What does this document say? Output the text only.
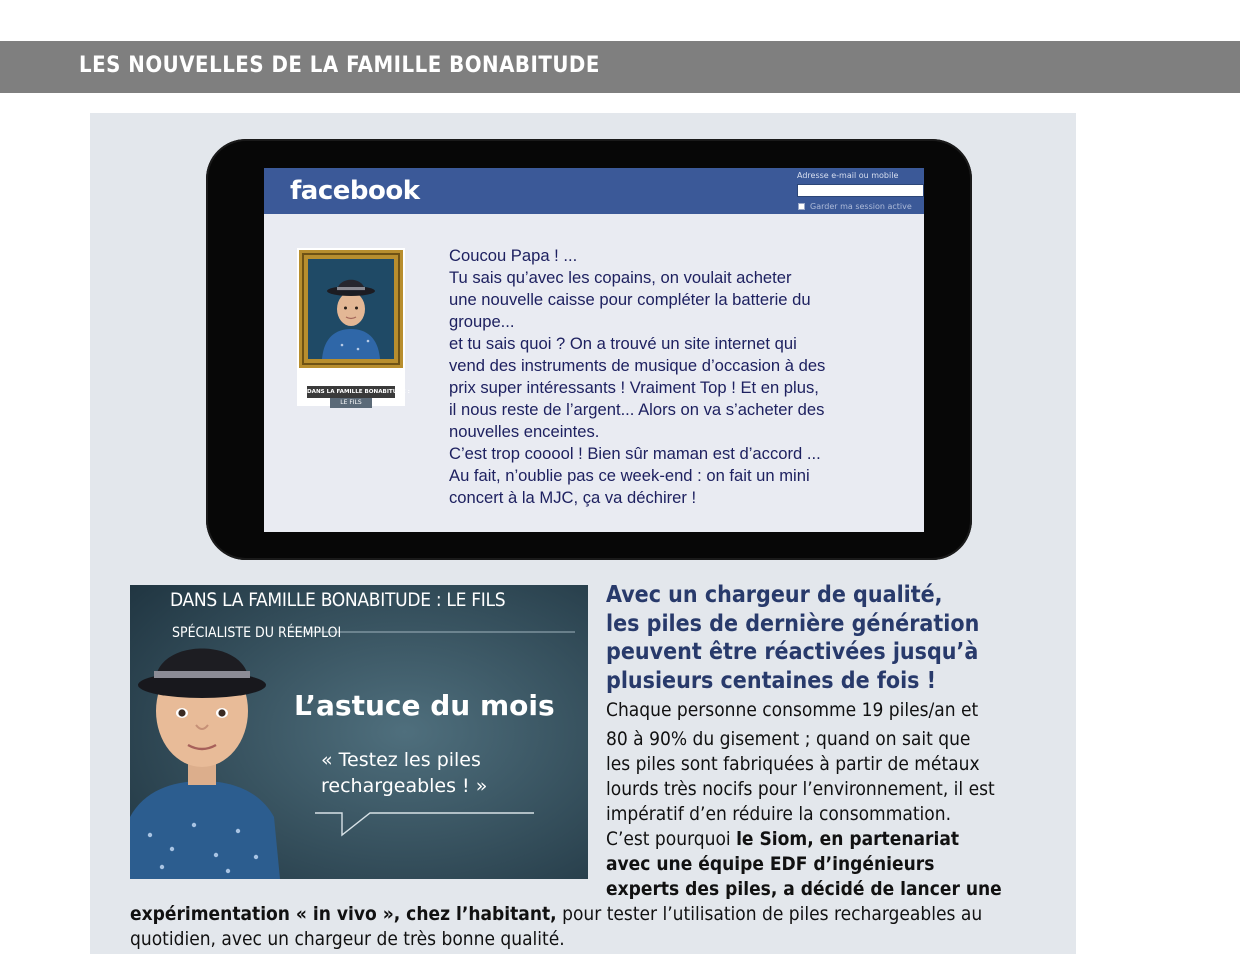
LES NOUVELLES DE LA FAMILLE BONABITUDE
facebook
Adresse e-mail ou mobile
Garder ma session active
DANS LA FAMILLE BONABITUDE :
LE FILS
Coucou Papa ! ...
Tu sais qu’avec les copains, on voulait acheter
une nouvelle caisse pour compléter la batterie du
groupe...
et tu sais quoi ? On a trouvé un site internet qui
vend des instruments de musique d’occasion à des
prix super intéressants ! Vraiment Top ! Et en plus,
il nous reste de l’argent... Alors on va s’acheter des
nouvelles enceintes.
C’est trop cooool ! Bien sûr maman est d’accord ...
Au fait, n’oublie pas ce week-end : on fait un mini
concert à la MJC, ça va déchirer !
DANS LA FAMILLE BONABITUDE : LE FILS
SPÉCIALISTE DU RÉEMPLOI
L’astuce du mois
« Testez les piles
rechargeables ! »
Avec un chargeur de qualité,
les piles de dernière génération
peuvent être réactivées jusqu’à
plusieurs centaines de fois !
Chaque personne consomme 19 piles/an et
80 à 90% du gisement ; quand on sait que
les piles sont fabriquées à partir de métaux
lourds très nocifs pour l’environnement, il est
impératif d’en réduire la consommation.
C’est pourquoi le Siom, en partenariat
avec une équipe EDF d’ingénieurs
experts des piles, a décidé de lancer une
expérimentation « in vivo », chez l’habitant, pour tester l’utilisation de piles rechargeables au
quotidien, avec un chargeur de très bonne qualité.
